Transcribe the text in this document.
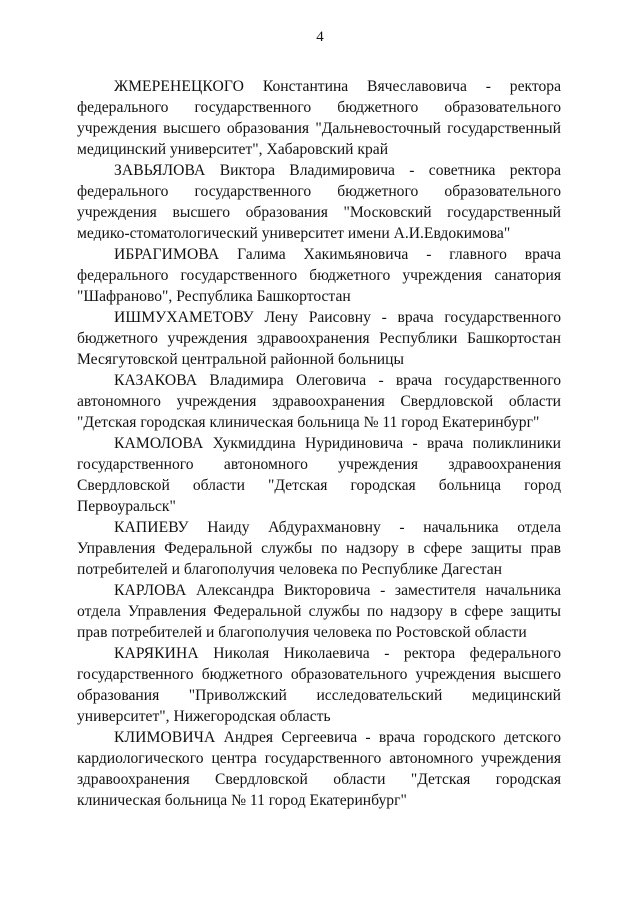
4

ЖМЕРЕНЕЦКОГО Константина Вячеславовича - ректора федерального государственного бюджетного образовательного учреждения высшего образования "Дальневосточный государственный медицинский университет", Хабаровский край

ЗАВЬЯЛОВА Виктора Владимировича - советника ректора федерального государственного бюджетного образовательного учреждения высшего образования "Московский государственный медико-стоматологический университет имени А.И.Евдокимова"

ИБРАГИМОВА Галима Хакимьяновича - главного врача федерального государственного бюджетного учреждения санатория "Шафраново", Республика Башкортостан

ИШМУХАМЕТОВУ Лену Раисовну - врача государственного бюджетного учреждения здравоохранения Республики Башкортостан Месягутовской центральной районной больницы

КАЗАКОВА Владимира Олеговича - врача государственного автономного учреждения здравоохранения Свердловской области "Детская городская клиническая больница № 11 город Екатеринбург"

КАМОЛОВА Хукмиддина Нуридиновича - врача поликлиники государственного автономного учреждения здравоохранения Свердловской области "Детская городская больница город Первоуральск"

КАПИЕВУ Наиду Абдурахмановну - начальника отдела Управления Федеральной службы по надзору в сфере защиты прав потребителей и благополучия человека по Республике Дагестан

КАРЛОВА Александра Викторовича - заместителя начальника отдела Управления Федеральной службы по надзору в сфере защиты прав потребителей и благополучия человека по Ростовской области

КАРЯКИНА Николая Николаевича - ректора федерального государственного бюджетного образовательного учреждения высшего образования "Приволжский исследовательский медицинский университет", Нижегородская область

КЛИМОВИЧА Андрея Сергеевича - врача городского детского кардиологического центра государственного автономного учреждения здравоохранения Свердловской области "Детская городская клиническая больница № 11 город Екатеринбург"
